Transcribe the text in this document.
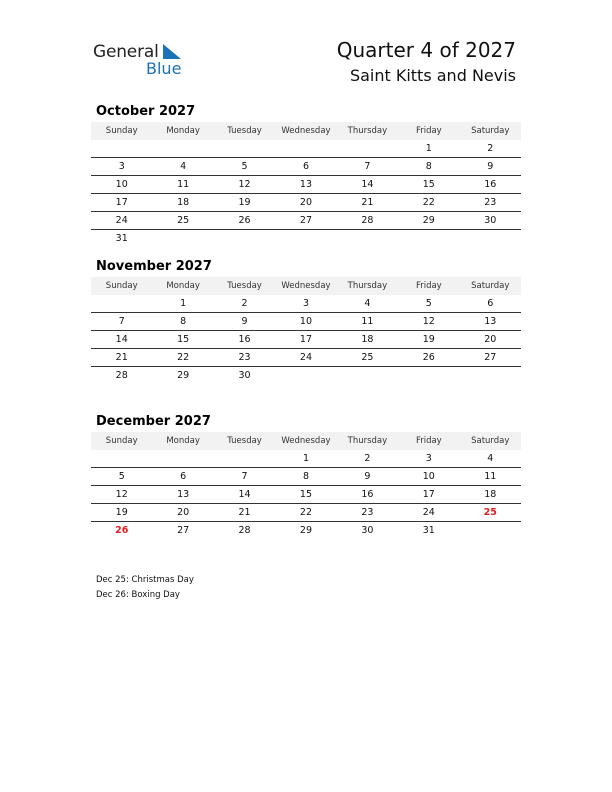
General
Blue
Quarter 4 of 2027
Saint Kitts and Nevis
October 2027
Sunday	Monday	Tuesday	Wednesday	Thursday	Friday	Saturday
					1	2
3	4	5	6	7	8	9
10	11	12	13	14	15	16
17	18	19	20	21	22	23
24	25	26	27	28	29	30
31						
November 2027
Sunday	Monday	Tuesday	Wednesday	Thursday	Friday	Saturday
	1	2	3	4	5	6
7	8	9	10	11	12	13
14	15	16	17	18	19	20
21	22	23	24	25	26	27
28	29	30				
December 2027
Sunday	Monday	Tuesday	Wednesday	Thursday	Friday	Saturday
			1	2	3	4
5	6	7	8	9	10	11
12	13	14	15	16	17	18
19	20	21	22	23	24	25
26	27	28	29	30	31	
Dec 25: Christmas Day
Dec 26: Boxing Day
